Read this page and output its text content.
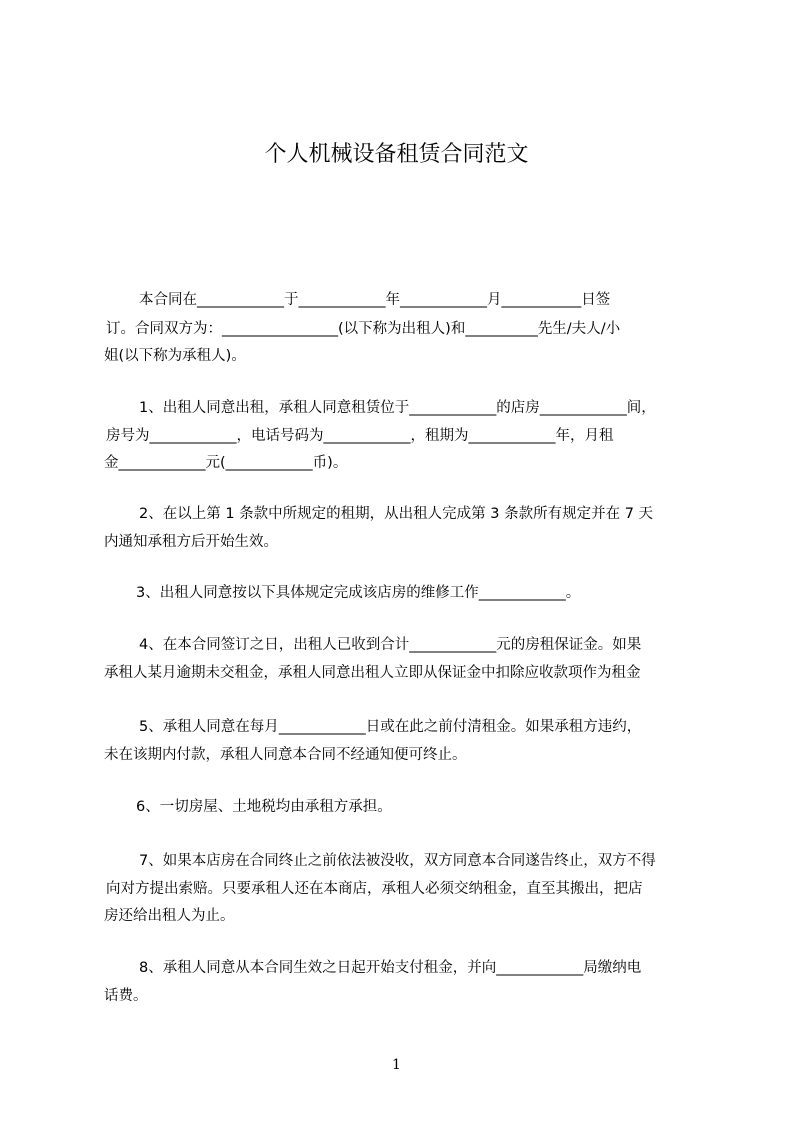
个人机械设备租赁合同范文

本合同在____________于____________年____________月___________日签

订。合同双方为：________________(以下称为出租人)和__________先生/夫人/小

姐(以下称为承租人)。

1、出租人同意出租，承租人同意租赁位于____________的店房____________间，

房号为____________，电话号码为____________，租期为____________年，月租

金____________元(____________币)。

2、在以上第 1 条款中所规定的租期，从出租人完成第 3 条款所有规定并在 7 天

内通知承租方后开始生效。

3、出租人同意按以下具体规定完成该店房的维修工作____________。

4、在本合同签订之日，出租人已收到合计____________元的房租保证金。如果

承租人某月逾期未交租金，承租人同意出租人立即从保证金中扣除应收款项作为租金

5、承租人同意在每月____________日或在此之前付清租金。如果承租方违约，

未在该期内付款，承租人同意本合同不经通知便可终止。

6、一切房屋、土地税均由承租方承担。

7、如果本店房在合同终止之前依法被没收，双方同意本合同遂告终止，双方不得

向对方提出索赔。只要承租人还在本商店，承租人必须交纳租金，直至其搬出，把店

房还给出租人为止。

8、承租人同意从本合同生效之日起开始支付租金，并向____________局缴纳电

话费。

1
